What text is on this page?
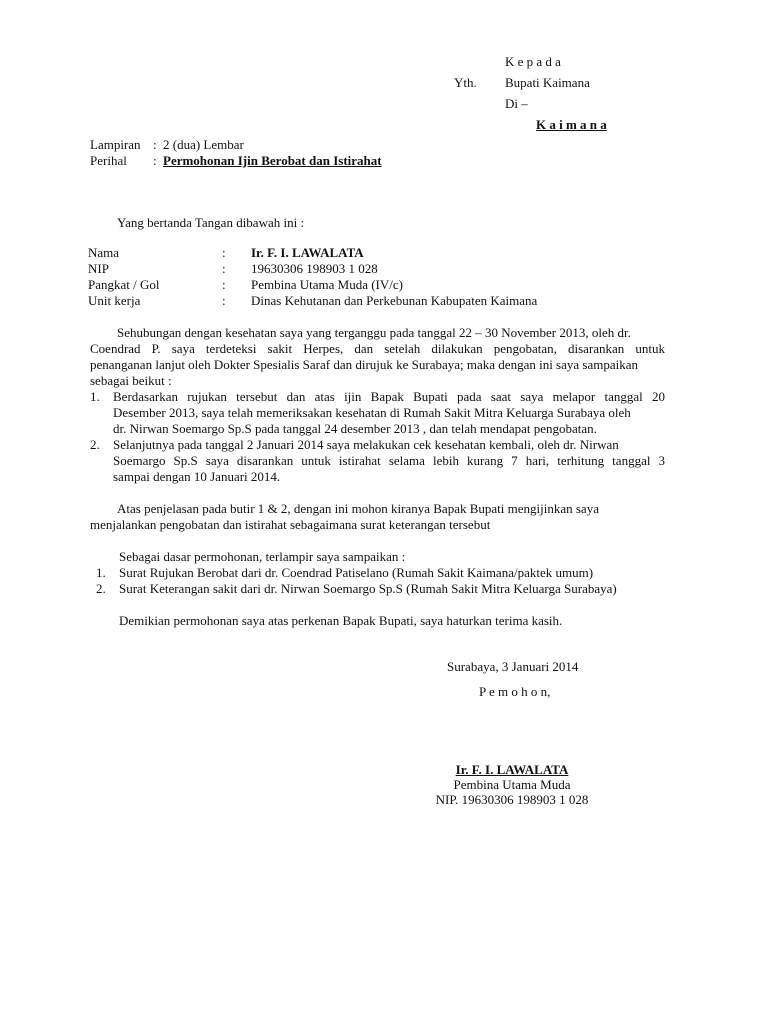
K e p a d a
Yth. Bupati Kaimana
Di –
K a i m a n a
Lampiran : 2 (dua) Lembar
Perihal : Permohonan Ijin Berobat dan Istirahat
Yang bertanda Tangan dibawah ini :
Nama	: Ir. F. I. LAWALATA
NIP	: 19630306 198903 1 028
Pangkat / Gol	: Pembina Utama Muda (IV/c)
Unit kerja	: Dinas Kehutanan dan Perkebunan Kabupaten Kaimana
Sehubungan dengan kesehatan saya yang terganggu pada tanggal 22 – 30 November 2013, oleh dr.
Coendrad P. saya terdeteksi sakit Herpes, dan setelah dilakukan pengobatan, disarankan untuk
penanganan lanjut oleh Dokter Spesialis Saraf dan dirujuk ke Surabaya; maka dengan ini saya sampaikan
sebagai beikut :
1. Berdasarkan rujukan tersebut dan atas ijin Bapak Bupati pada saat saya melapor tanggal 20
Desember 2013, saya telah memeriksakan kesehatan di Rumah Sakit Mitra Keluarga Surabaya oleh
dr. Nirwan Soemargo Sp.S pada tanggal 24 desember 2013 , dan telah mendapat pengobatan.
2. Selanjutnya pada tanggal 2 Januari 2014 saya melakukan cek kesehatan kembali, oleh dr. Nirwan
Soemargo Sp.S saya disarankan untuk istirahat selama lebih kurang 7 hari, terhitung tanggal 3
sampai dengan 10 Januari 2014.
Atas penjelasan pada butir 1 & 2, dengan ini mohon kiranya Bapak Bupati mengijinkan saya
menjalankan pengobatan dan istirahat sebagaimana surat keterangan tersebut
Sebagai dasar permohonan, terlampir saya sampaikan :
1. Surat Rujukan Berobat dari dr. Coendrad Patiselano (Rumah Sakit Kaimana/paktek umum)
2. Surat Keterangan sakit dari dr. Nirwan Soemargo Sp.S (Rumah Sakit Mitra Keluarga Surabaya)
Demikian permohonan saya atas perkenan Bapak Bupati, saya haturkan terima kasih.
Surabaya, 3 Januari 2014
P e m o h o n,
Ir. F. I. LAWALATA
Pembina Utama Muda
NIP. 19630306 198903 1 028
